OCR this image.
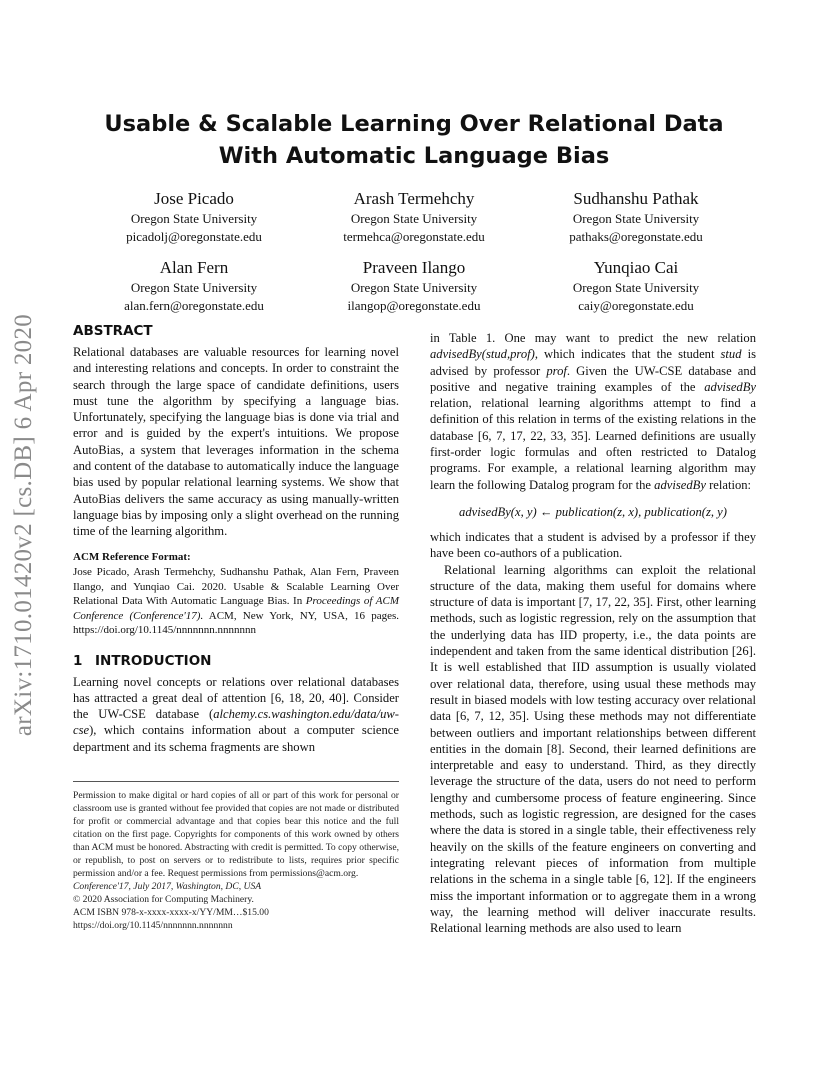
arXiv:1710.01420v2 [cs.DB] 6 Apr 2020
Usable & Scalable Learning Over Relational Data
With Automatic Language Bias
Jose Picado
Oregon State University
picadolj@oregonstate.edu
Arash Termehchy
Oregon State University
termehca@oregonstate.edu
Sudhanshu Pathak
Oregon State University
pathaks@oregonstate.edu
Alan Fern
Oregon State University
alan.fern@oregonstate.edu
Praveen Ilango
Oregon State University
ilangop@oregonstate.edu
Yunqiao Cai
Oregon State University
caiy@oregonstate.edu
ABSTRACT

Relational databases are valuable resources for learning novel and interesting relations and concepts. In order to constraint the search through the large space of candidate definitions, users must tune the algorithm by specifying a language bias. Unfortunately, specifying the language bias is done via trial and error and is guided by the expert's intuitions. We propose AutoBias, a system that leverages information in the schema and content of the database to automatically induce the language bias used by popular relational learning systems. We show that AutoBias delivers the same accuracy as using manually-written language bias by imposing only a slight overhead on the running time of the learning algorithm.

ACM Reference Format:

Jose Picado, Arash Termehchy, Sudhanshu Pathak, Alan Fern, Praveen Ilango, and Yunqiao Cai. 2020. Usable & Scalable Learning Over Relational Data With Automatic Language Bias. In Proceedings of ACM Conference (Conference'17). ACM, New York, NY, USA, 16 pages. https://doi.org/10.1145/nnnnnnn.nnnnnnn

1 INTRODUCTION

Learning novel concepts or relations over relational databases has attracted a great deal of attention [6, 18, 20, 40]. Consider the UW-CSE database (alchemy.cs.washington.edu/data/uw-cse), which contains information about a computer science department and its schema fragments are shown

Permission to make digital or hard copies of all or part of this work for personal or classroom use is granted without fee provided that copies are not made or distributed for profit or commercial advantage and that copies bear this notice and the full citation on the first page. Copyrights for components of this work owned by others than ACM must be honored. Abstracting with credit is permitted. To copy otherwise, or republish, to post on servers or to redistribute to lists, requires prior specific permission and/or a fee. Request permissions from permissions@acm.org.

Conference'17, July 2017, Washington, DC, USA
© 2020 Association for Computing Machinery.
ACM ISBN 978-x-xxxx-xxxx-x/YY/MM…$15.00
https://doi.org/10.1145/nnnnnnn.nnnnnnn

in Table 1. One may want to predict the new relation advisedBy(stud,prof), which indicates that the student stud is advised by professor prof. Given the UW-CSE database and positive and negative training examples of the advisedBy relation, relational learning algorithms attempt to find a definition of this relation in terms of the existing relations in the database [6, 7, 17, 22, 33, 35]. Learned definitions are usually first-order logic formulas and often restricted to Datalog programs. For example, a relational learning algorithm may learn the following Datalog program for the advisedBy relation:

advisedBy(x, y) ← publication(z, x), publication(z, y)

which indicates that a student is advised by a professor if they have been co-authors of a publication.

Relational learning algorithms can exploit the relational structure of the data, making them useful for domains where structure of data is important [7, 17, 22, 35]. First, other learning methods, such as logistic regression, rely on the assumption that the underlying data has IID property, i.e., the data points are independent and taken from the same identical distribution [26]. It is well established that IID assumption is usually violated over relational data, therefore, using usual these methods may result in biased models with low testing accuracy over relational data [6, 7, 12, 35]. Using these methods may not differentiate between outliers and important relationships between different entities in the domain [8]. Second, their learned definitions are interpretable and easy to understand. Third, as they directly leverage the structure of the data, users do not need to perform lengthy and cumbersome process of feature engineering. Since methods, such as logistic regression, are designed for the cases where the data is stored in a single table, their effectiveness rely heavily on the skills of the feature engineers on converting and integrating relevant pieces of information from multiple relations in the schema in a single table [6, 12]. If the engineers miss the important information or to aggregate them in a wrong way, the learning method will deliver inaccurate results. Relational learning methods are also used to learn
